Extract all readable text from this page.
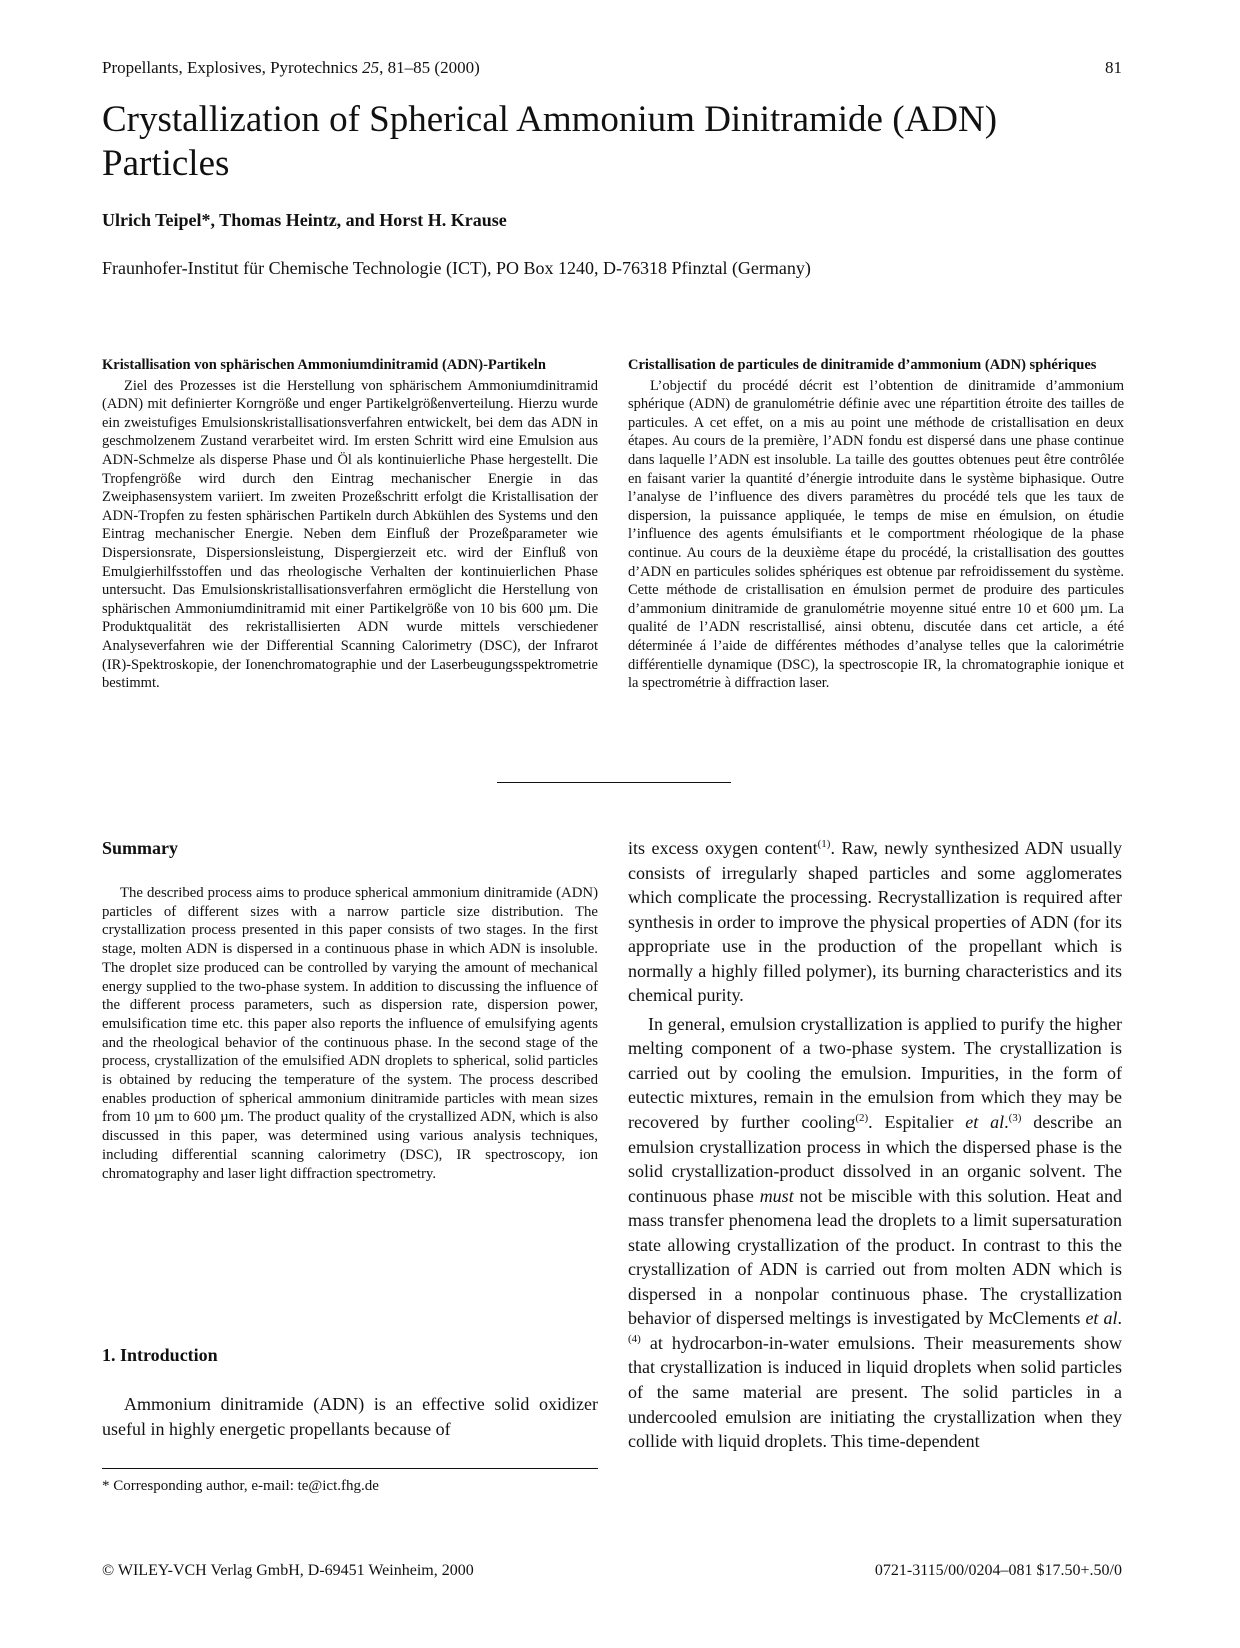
Propellants, Explosives, Pyrotechnics 25, 81–85 (2000)	81
Crystallization of Spherical Ammonium Dinitramide (ADN) Particles
Ulrich Teipel*, Thomas Heintz, and Horst H. Krause
Fraunhofer-Institut für Chemische Technologie (ICT), PO Box 1240, D-76318 Pfinztal (Germany)
Kristallisation von sphärischen Ammoniumdinitramid (ADN)-Partikeln

Ziel des Prozesses ist die Herstellung von sphärischem Ammoniumdinitramid (ADN) mit definierter Korngröße und enger Partikelgrößenverteilung. Hierzu wurde ein zweistufiges Emulsionskristallisationsverfahren entwickelt, bei dem das ADN in geschmolzenem Zustand verarbeitet wird. Im ersten Schritt wird eine Emulsion aus ADN-Schmelze als disperse Phase und Öl als kontinuierliche Phase hergestellt. Die Tropfengröße wird durch den Eintrag mechanischer Energie in das Zweiphasensystem variiert. Im zweiten Prozeßschritt erfolgt die Kristallisation der ADN-Tropfen zu festen sphärischen Partikeln durch Abkühlen des Systems und den Eintrag mechanischer Energie. Neben dem Einfluß der Prozeßparameter wie Dispersionsrate, Dispersionsleistung, Dispergierzeit etc. wird der Einfluß von Emulgierhilfsstoffen und das rheologische Verhalten der kontinuierlichen Phase untersucht. Das Emulsionskristallisationsverfahren ermöglicht die Herstellung von sphärischen Ammoniumdinitramid mit einer Partikelgröße von 10 bis 600 µm. Die Produktqualität des rekristallisierten ADN wurde mittels verschiedener Analyseverfahren wie der Differential Scanning Calorimetry (DSC), der Infrarot (IR)-Spektroskopie, der Ionenchromatographie und der Laserbeugungsspektrometrie bestimmt.

Cristallisation de particules de dinitramide d’ammonium (ADN) sphériques

L’objectif du procédé décrit est l’obtention de dinitramide d’ammonium sphérique (ADN) de granulométrie définie avec une répartition étroite des tailles de particules. A cet effet, on a mis au point une méthode de cristallisation en deux étapes. Au cours de la première, l’ADN fondu est dispersé dans une phase continue dans laquelle l’ADN est insoluble. La taille des gouttes obtenues peut être contrôlée en faisant varier la quantité d’énergie introduite dans le système biphasique. Outre l’analyse de l’influence des divers paramètres du procédé tels que les taux de dispersion, la puissance appliquée, le temps de mise en émulsion, on étudie l’influence des agents émulsifiants et le comportment rhéologique de la phase continue. Au cours de la deuxième étape du procédé, la cristallisation des gouttes d’ADN en particules solides sphériques est obtenue par refroidissement du système. Cette méthode de cristallisation en émulsion permet de produire des particules d’ammonium dinitramide de granulométrie moyenne situé entre 10 et 600 µm. La qualité de l’ADN rescristallisé, ainsi obtenu, discutée dans cet article, a été déterminée á l’aide de différentes méthodes d’analyse telles que la calorimétrie différentielle dynamique (DSC), la spectroscopie IR, la chromatographie ionique et la spectrométrie à diffraction laser.

Summary

The described process aims to produce spherical ammonium dinitramide (ADN) particles of different sizes with a narrow particle size distribution. The crystallization process presented in this paper consists of two stages. In the first stage, molten ADN is dispersed in a continuous phase in which ADN is insoluble. The droplet size produced can be controlled by varying the amount of mechanical energy supplied to the two-phase system. In addition to discussing the influence of the different process parameters, such as dispersion rate, dispersion power, emulsification time etc. this paper also reports the influence of emulsifying agents and the rheological behavior of the continuous phase. In the second stage of the process, crystallization of the emulsified ADN droplets to spherical, solid particles is obtained by reducing the temperature of the system. The process described enables production of spherical ammonium dinitramide particles with mean sizes from 10 µm to 600 µm. The product quality of the crystallized ADN, which is also discussed in this paper, was determined using various analysis techniques, including differential scanning calorimetry (DSC), IR spectroscopy, ion chromatography and laser light diffraction spectrometry.

1. Introduction

Ammonium dinitramide (ADN) is an effective solid oxidizer useful in highly energetic propellants because of

* Corresponding author, e-mail: te@ict.fhg.de

its excess oxygen content$^{(1)}$. Raw, newly synthesized ADN usually consists of irregularly shaped particles and some agglomerates which complicate the processing. Recrystallization is required after synthesis in order to improve the physical properties of ADN (for its appropriate use in the production of the propellant which is normally a highly filled polymer), its burning characteristics and its chemical purity.

In general, emulsion crystallization is applied to purify the higher melting component of a two-phase system. The crystallization is carried out by cooling the emulsion. Impurities, in the form of eutectic mixtures, remain in the emulsion from which they may be recovered by further cooling$^{(2)}$. Espitalier et al.$^{(3)}$ describe an emulsion crystallization process in which the dispersed phase is the solid crystallization-product dissolved in an organic solvent. The continuous phase must not be miscible with this solution. Heat and mass transfer phenomena lead the droplets to a limit supersaturation state allowing crystallization of the product. In contrast to this the crystallization of ADN is carried out from molten ADN which is dispersed in a nonpolar continuous phase. The crystallization behavior of dispersed meltings is investigated by McClements et al.$^{(4)}$ at hydrocarbon-in-water emulsions. Their measurements show that crystallization is induced in liquid droplets when solid particles of the same material are present. The solid particles in a undercooled emulsion are initiating the crystallization when they collide with liquid droplets. This time-dependent

© WILEY-VCH Verlag GmbH, D-69451 Weinheim, 2000	0721-3115/00/0204–081 $17.50+.50/0
